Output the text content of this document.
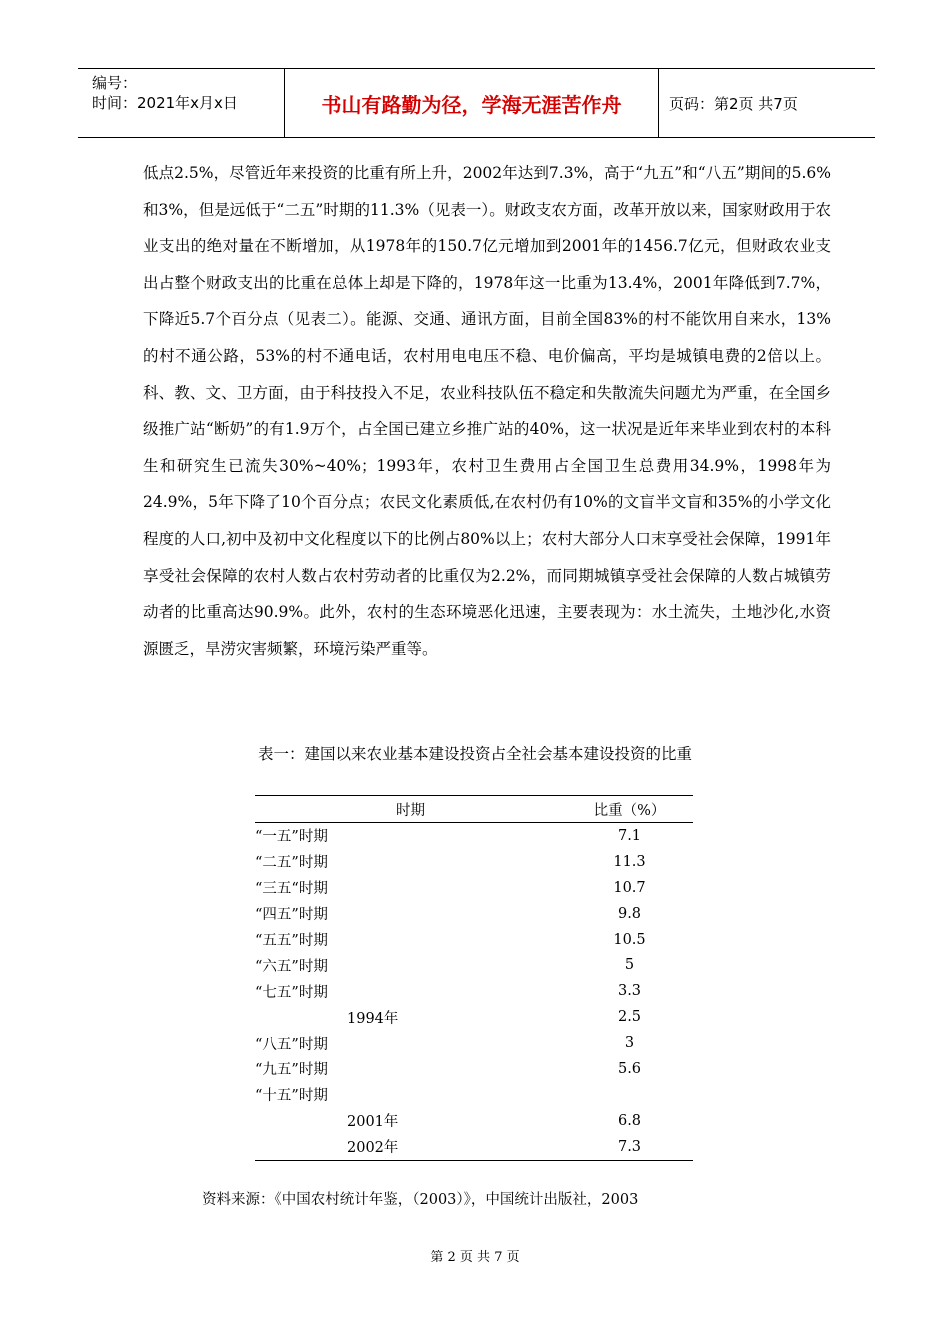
编号：
时间：2021年x月x日	书山有路勤为径，学海无涯苦作舟	页码：第2页 共7页

低点2.5%，尽管近年来投资的比重有所上升，2002年达到7.3%，高于“九五”和“八五”期间的5.6%和3%，但是远低于“二五”时期的11.3%（见表一）。财政支农方面，改革开放以来，国家财政用于农业支出的绝对量在不断增加，从1978年的150.7亿元增加到2001年的1456.7亿元，但财政农业支出占整个财政支出的比重在总体上却是下降的，1978年这一比重为13.4%，2001年降低到7.7%，下降近5.7个百分点（见表二）。能源、交通、通讯方面，目前全国83%的村不能饮用自来水，13%的村不通公路，53%的村不通电话，农村用电电压不稳、电价偏高，平均是城镇电费的2倍以上。科、教、文、卫方面，由于科技投入不足，农业科技队伍不稳定和失散流失问题尤为严重，在全国乡级推广站“断奶”的有1.9万个，占全国已建立乡推广站的40%，这一状况是近年来毕业到农村的本科生和研究生已流失30%~40%；1993年，农村卫生费用占全国卫生总费用34.9%，1998年为24.9%，5年下降了10个百分点；农民文化素质低,在农村仍有10%的文盲半文盲和35%的小学文化程度的人口,初中及初中文化程度以下的比例占80%以上；农村大部分人口末享受社会保障，1991年享受社会保障的农村人数占农村劳动者的比重仅为2.2%，而同期城镇享受社会保障的人数占城镇劳动者的比重高达90.9%。此外，农村的生态环境恶化迅速，主要表现为：水土流失，土地沙化,水资源匮乏，旱涝灾害频繁，环境污染严重等。

表一：建国以来农业基本建设投资占全社会基本建设投资的比重
时期	比重（%）
“一五”时期	7.1
“二五”时期	11.3
“三五“时期	10.7
“四五”时期	9.8
“五五”时期	10.5
“六五”时期	5
“七五”时期	3.3
1994年	2.5
“八五”时期	3
“九五”时期	5.6
“十五”时期	
2001年	6.8
2002年	7.3
资料来源：《中国农村统计年鉴，（2003）》，中国统计出版社，2003
第 2 页 共 7 页
